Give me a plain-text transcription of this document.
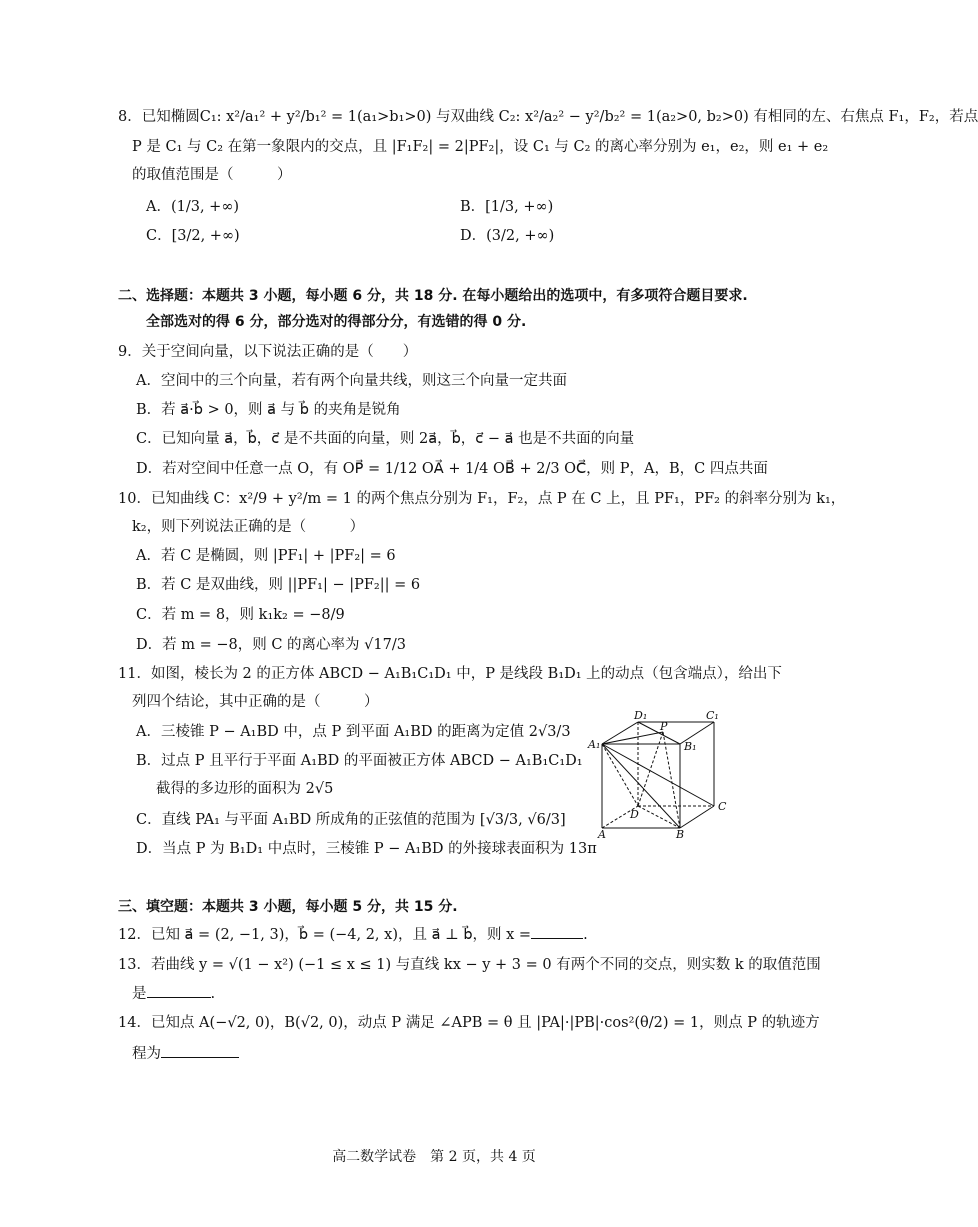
8．已知椭圆C₁: x²/a₁² + y²/b₁² = 1(a₁>b₁>0) 与双曲线 C₂: x²/a₂² − y²/b₂² = 1(a₂>0, b₂>0) 有相同的左、右焦点 F₁，F₂，若点
P 是 C₁ 与 C₂ 在第一象限内的交点，且 |F₁F₂| = 2|PF₂|，设 C₁ 与 C₂ 的离心率分别为 e₁，e₂，则 e₁ + e₂
的取值范围是（　　　）
A．(1/3, +∞)	B．[1/3, +∞)
C．[3/2, +∞)	D．(3/2, +∞)
二、选择题：本题共 3 小题，每小题 6 分，共 18 分. 在每小题给出的选项中，有多项符合题目要求.
全部选对的得 6 分，部分选对的得部分分，有选错的得 0 分.
9．关于空间向量，以下说法正确的是（　　）
A．空间中的三个向量，若有两个向量共线，则这三个向量一定共面
B．若 a⃗·b⃗ > 0，则 a⃗ 与 b⃗ 的夹角是锐角
C．已知向量 a⃗，b⃗，c⃗ 是不共面的向量，则 2a⃗，b⃗，c⃗ − a⃗ 也是不共面的向量
D．若对空间中任意一点 O，有 OP⃗ = 1/12 OA⃗ + 1/4 OB⃗ + 2/3 OC⃗，则 P，A，B，C 四点共面
10．已知曲线 C：x²/9 + y²/m = 1 的两个焦点分别为 F₁，F₂，点 P 在 C 上，且 PF₁，PF₂ 的斜率分别为 k₁，
k₂，则下列说法正确的是（　　　）
A．若 C 是椭圆，则 |PF₁| + |PF₂| = 6
B．若 C 是双曲线，则 ||PF₁| − |PF₂|| = 6
C．若 m = 8，则 k₁k₂ = −8/9
D．若 m = −8，则 C 的离心率为 √17/3
11．如图，棱长为 2 的正方体 ABCD − A₁B₁C₁D₁ 中，P 是线段 B₁D₁ 上的动点（包含端点），给出下
列四个结论，其中正确的是（　　　）
A．三棱锥 P − A₁BD 中，点 P 到平面 A₁BD 的距离为定值 2√3/3
B．过点 P 且平行于平面 A₁BD 的平面被正方体 ABCD − A₁B₁C₁D₁
截得的多边形的面积为 2√5
C．直线 PA₁ 与平面 A₁BD 所成角的正弦值的范围为 [√3/3, √6/3]
D．当点 P 为 B₁D₁ 中点时，三棱锥 P − A₁BD 的外接球表面积为 13π
D₁	C₁
A₁
P
B₁
D
C
A	B
三、填空题：本题共 3 小题，每小题 5 分，共 15 分.
12．已知 a⃗ = (2, −1, 3)，b⃗ = (−4, 2, x)，且 a⃗ ⊥ b⃗，则 x =	.
13．若曲线 y = √(1 − x²) (−1 ≤ x ≤ 1) 与直线 kx − y + 3 = 0 有两个不同的交点，则实数 k 的取值范围
是	.
14．已知点 A(−√2, 0)，B(√2, 0)，动点 P 满足 ∠APB = θ 且 |PA|·|PB|·cos²(θ/2) = 1，则点 P 的轨迹方
程为
高二数学试卷　第 2 页，共 4 页
